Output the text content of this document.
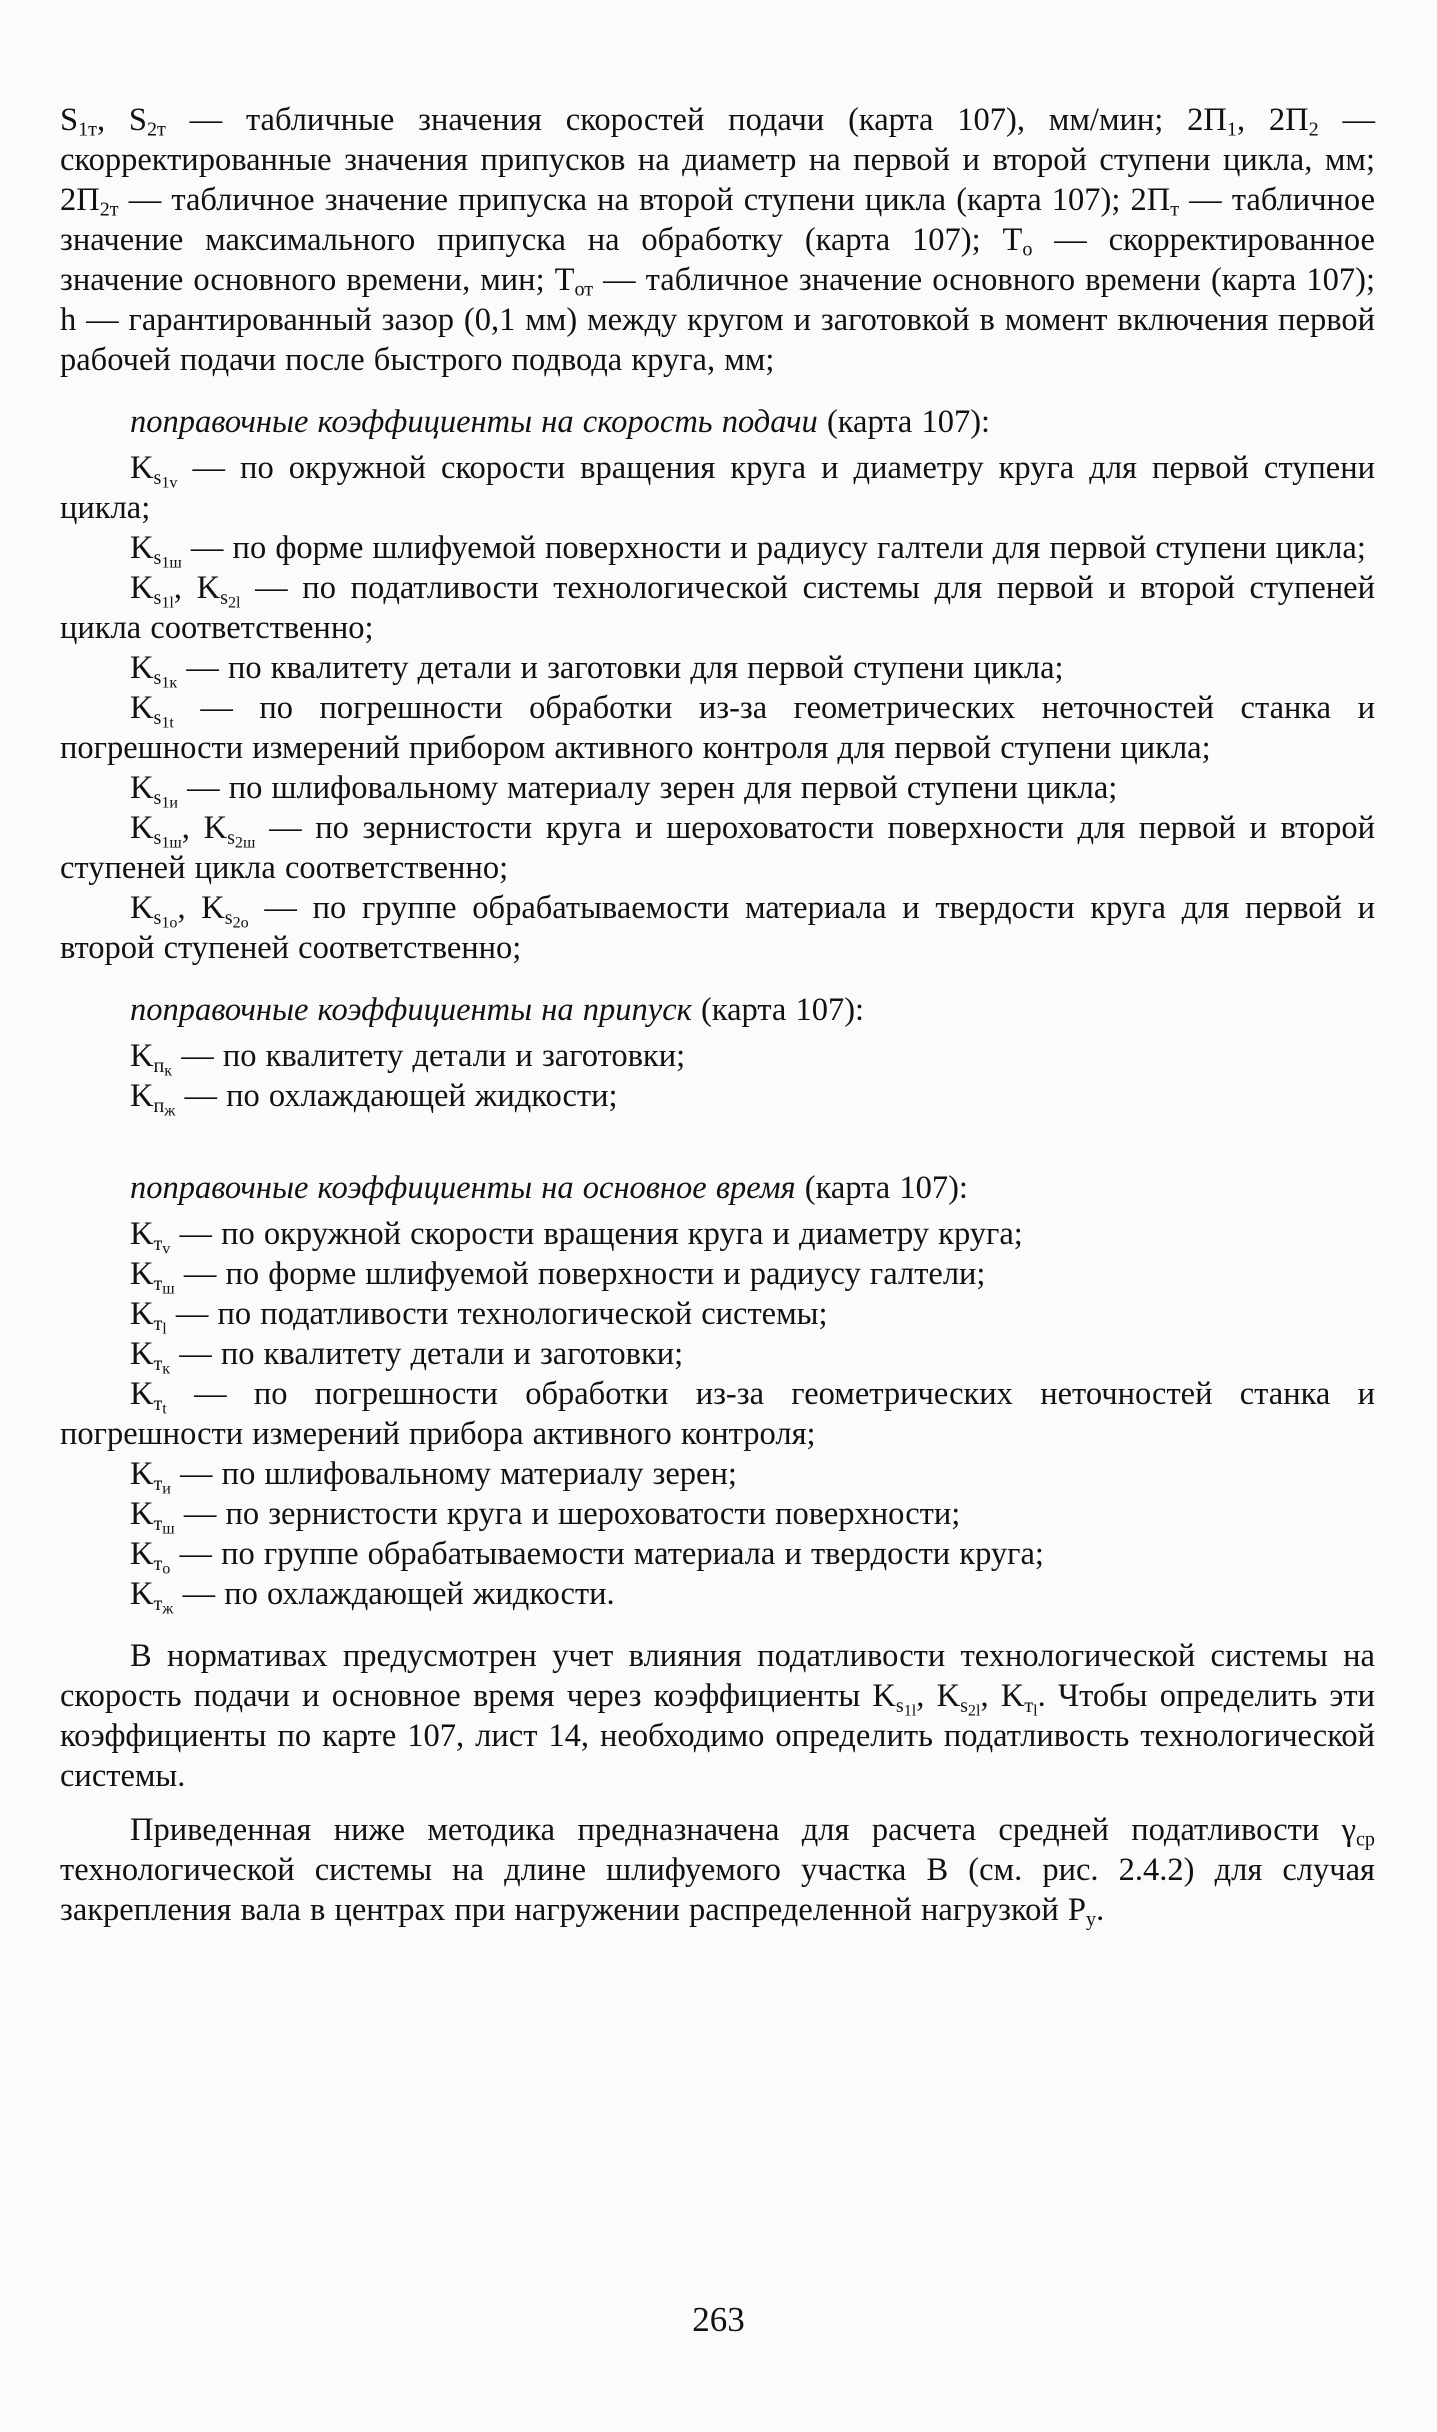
$S_{1т}$, $S_{2т}$ — табличные значения скоростей подачи (карта 107), мм/мин; $2П_1$, $2П_2$ — скорректированные значения припусков на диаметр на первой и второй ступени цикла, мм; $2П_{2т}$ — табличное значение припуска на второй ступени цикла (карта 107); $2П_т$ — табличное значение максимального припуска на обработку (карта 107); $T_о$ — скорректированное значение основного времени, мин; $T_{от}$ — табличное значение основного времени (карта 107); h — гарантированный зазор (0,1 мм) между кругом и заготовкой в момент включения первой рабочей подачи после быстрого подвода круга, мм;

поправочные коэффициенты на скорость подачи (карта 107):

$K_{s_{1v}}$ — по окружной скорости вращения круга и диаметру круга для первой ступени цикла;

$K_{s_{1ш}}$ — по форме шлифуемой поверхности и радиусу галтели для первой ступени цикла;

$K_{s_{1l}}$, $K_{s_{2l}}$ — по податливости технологической системы для первой и второй ступеней цикла соответственно;

$K_{s_{1к}}$ — по квалитету детали и заготовки для первой ступени цикла;

$K_{s_{1t}}$ — по погрешности обработки из-за геометрических неточностей станка и погрешности измерений прибором активного контроля для первой ступени цикла;

$K_{s_{1и}}$ — по шлифовальному материалу зерен для первой ступени цикла;

$K_{s_{1ш}}$, $K_{s_{2ш}}$ — по зернистости круга и шероховатости поверхности для первой и второй ступеней цикла соответственно;

$K_{s_{1о}}$, $K_{s_{2о}}$ — по группе обрабатываемости материала и твердости круга для первой и второй ступеней соответственно;

поправочные коэффициенты на припуск (карта 107):

$K_{п_к}$ — по квалитету детали и заготовки;

$K_{п_ж}$ — по охлаждающей жидкости;

поправочные коэффициенты на основное время (карта 107):

$K_{т_v}$ — по окружной скорости вращения круга и диаметру круга;

$K_{т_ш}$ — по форме шлифуемой поверхности и радиусу галтели;

$K_{т_l}$ — по податливости технологической системы;

$K_{т_к}$ — по квалитету детали и заготовки;

$K_{т_t}$ — по погрешности обработки из-за геометрических неточностей станка и погрешности измерений прибора активного контроля;

$K_{т_и}$ — по шлифовальному материалу зерен;

$K_{т_ш}$ — по зернистости круга и шероховатости поверхности;

$K_{т_о}$ — по группе обрабатываемости материала и твердости круга;

$K_{т_ж}$ — по охлаждающей жидкости.

В нормативах предусмотрен учет влияния податливости технологической системы на скорость подачи и основное время через коэффициенты $K_{s_{1l}}$, $K_{s_{2l}}$, $K_{т_l}$. Чтобы определить эти коэффициенты по карте 107, лист 14, необходимо определить податливость технологической системы.

Приведенная ниже методика предназначена для расчета средней податливости $\gamma_{ср}$ технологической системы на длине шлифуемого участка B (см. рис. 2.4.2) для случая закрепления вала в центрах при нагружении распределенной нагрузкой $P_y$.

263
